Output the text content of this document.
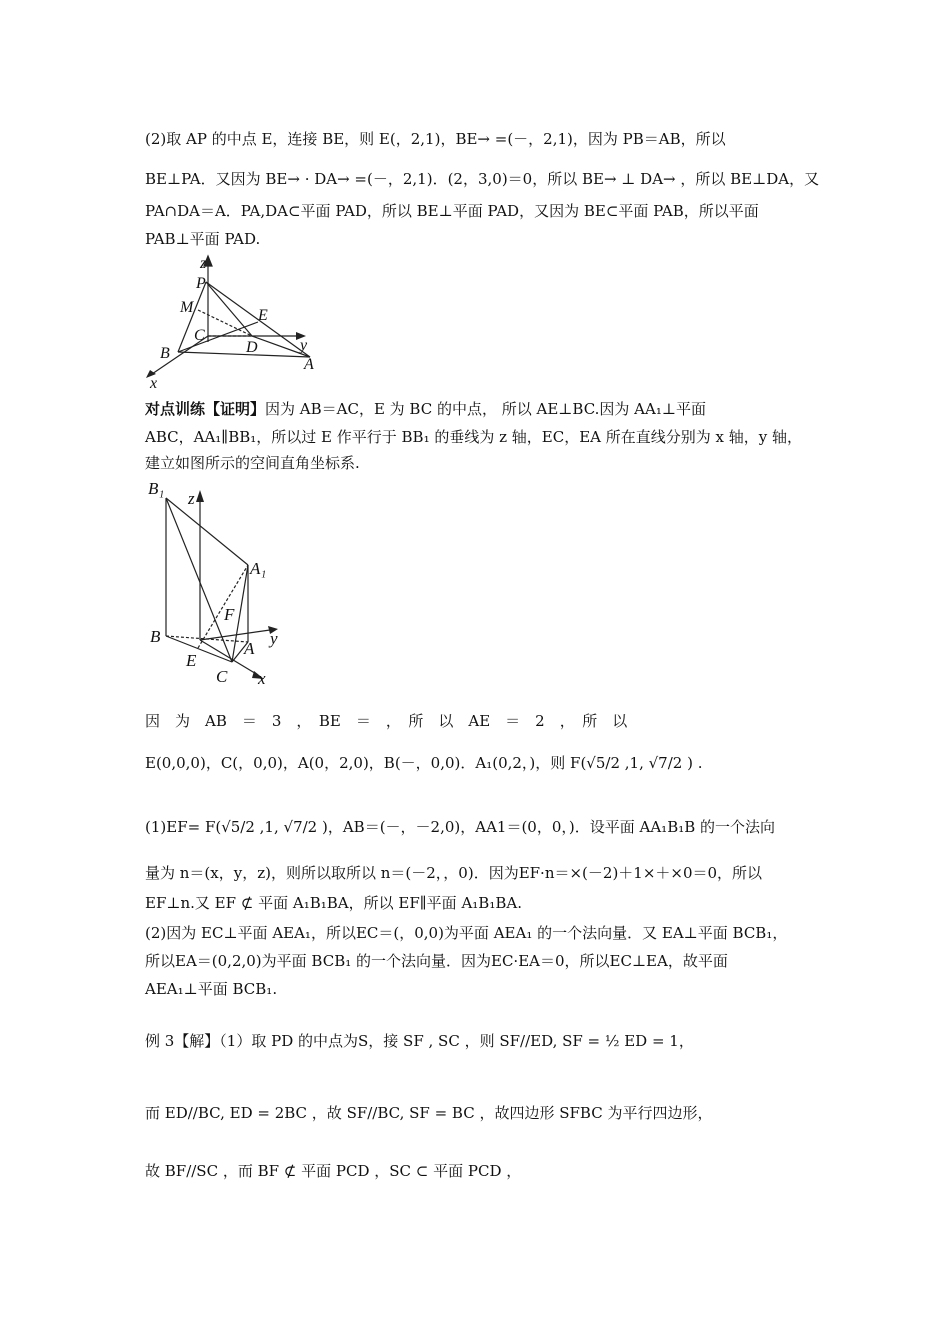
(2)取 AP 的中点 E，连接 BE，则 E(，2,1)，BE→ =(－，2,1)，因为 PB＝AB，所以
BE⊥PA．又因为 BE→ · DA→ =(－，2,1)．(2，3,0)＝0，所以 BE→ ⊥ DA→ ，所以 BE⊥DA，又
PA∩DA＝A．PA,DA⊂平面 PAD，所以 BE⊥平面 PAD，又因为 BE⊂平面 PAB，所以平面
PAB⊥平面 PAD.
z
P
M
C
E
y
B	D
A
x
对点训练【证明】因为 AB＝AC，E 为 BC 的中点， 所以 AE⊥BC.因为 AA₁⊥平面
ABC，AA₁∥BB₁，所以过 E 作平行于 BB₁ 的垂线为 z 轴，EC，EA 所在直线分别为 x 轴，y 轴，
建立如图所示的空间直角坐标系.
B₁
z
A₁
F
B	y
E
A
C x
因　为　AB　＝　3　，　BE　＝　，　所　以　AE　＝　2　，　所　以
E(0,0,0)，C(，0,0)，A(0，2,0)，B(－，0,0)．A₁(0,2，)，则 F(√5/2 ,1, √7/2 ) .
(1)EF= F(√5/2 ,1, √7/2 )，AB＝(－，－2,0)，AA1＝(0，0，)．设平面 AA₁B₁B 的一个法向
量为 n＝(x，y，z)，则所以取所以 n＝(－2，，0)．因为EF·n＝×(－2)＋1×＋×0＝0，所以
EF⊥n.又 EF ⊄ 平面 A₁B₁BA，所以 EF∥平面 A₁B₁BA.
(2)因为 EC⊥平面 AEA₁，所以EC＝(，0,0)为平面 AEA₁ 的一个法向量．又 EA⊥平面 BCB₁，
所以EA＝(0,2,0)为平面 BCB₁ 的一个法向量．因为EC·EA＝0，所以EC⊥EA，故平面
AEA₁⊥平面 BCB₁.
例 3【解】（1）取 PD 的中点为S，接 SF , SC ，则 SF//ED, SF = ½ ED = 1，
而 ED//BC, ED = 2BC ，故 SF//BC, SF = BC ，故四边形 SFBC 为平行四边形，
故 BF//SC ，而 BF ⊄ 平面 PCD ，SC ⊂ 平面 PCD ，
